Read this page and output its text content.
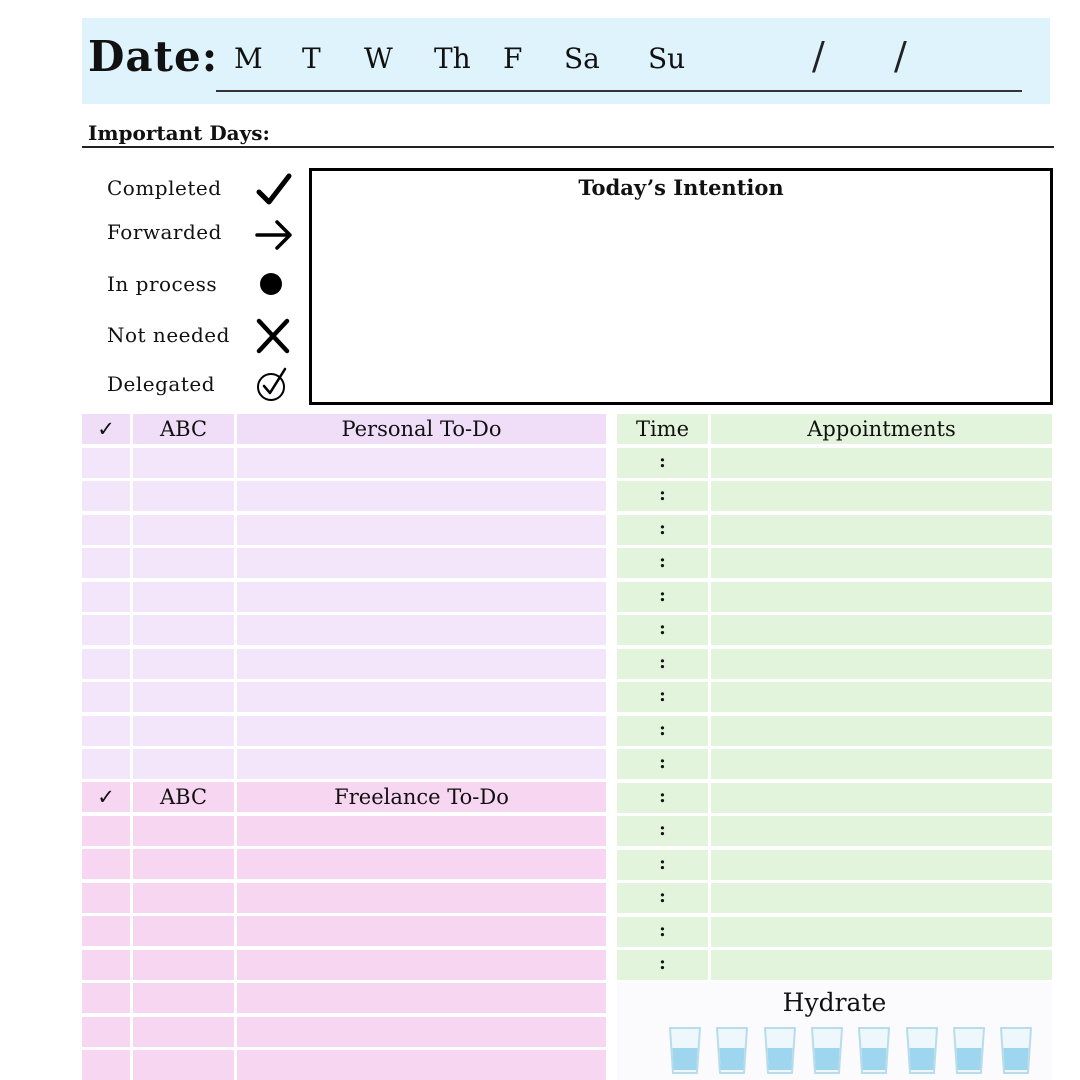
Date: M T W Th F Sa Su	/ /
Important Days:
Completed
Forwarded
In process
Not needed
Delegated
Today’s Intention
✓	ABC	Personal To-Do
✓	ABC	Freelance To-Do
Time	Appointments
:
:
:
:
:
:
:
:
:
:
:
:
:
:
:
:
Hydrate
